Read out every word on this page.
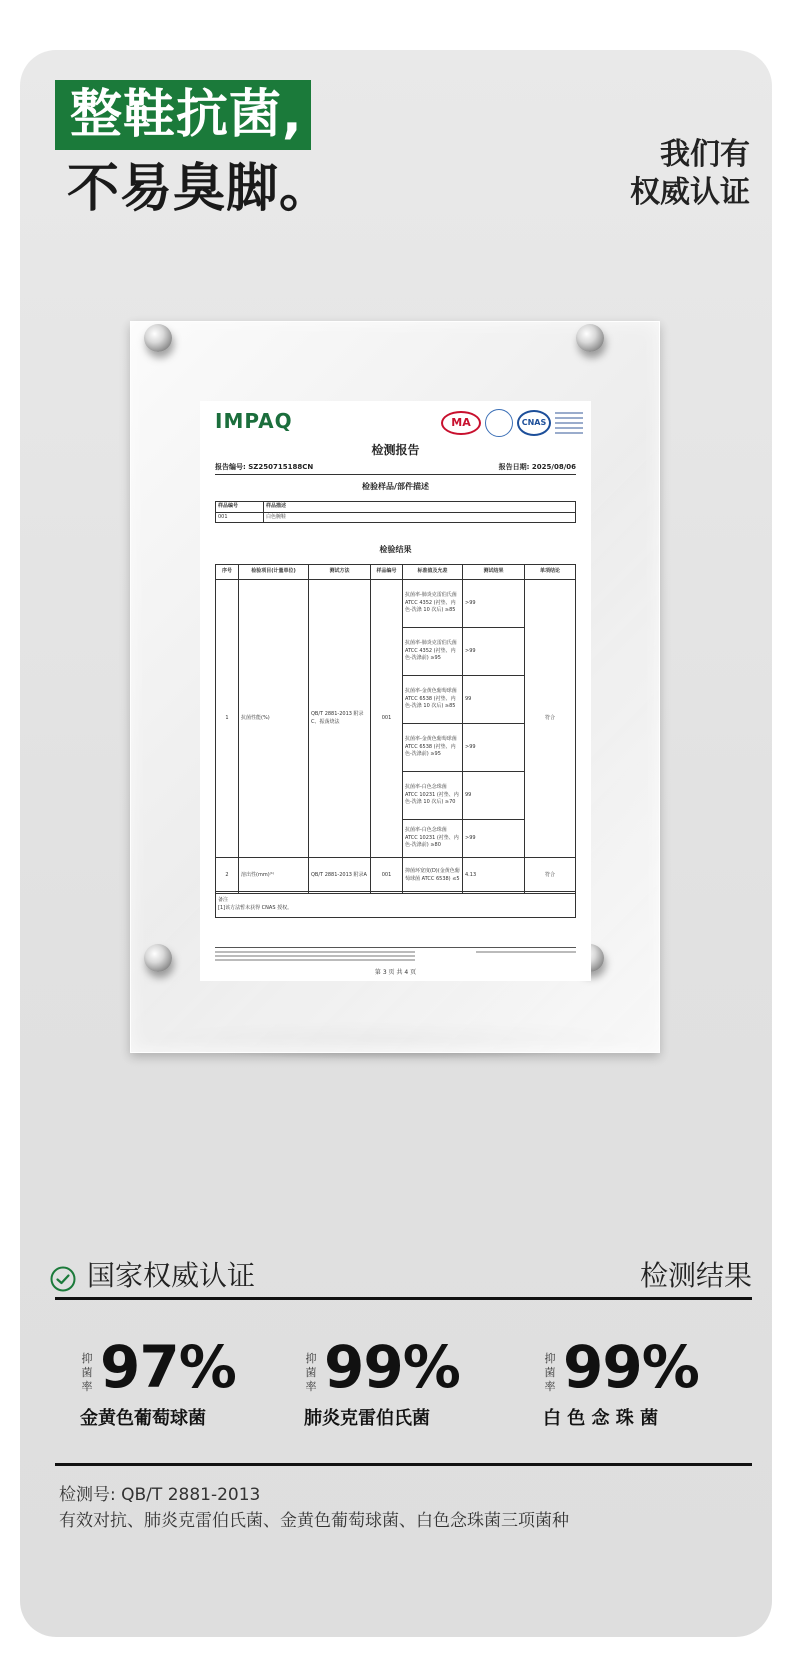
整鞋抗菌,
不易臭脚。
我们有
权威认证
IMPAQ	MA	CNAS
检测报告
报告编号: SZ250715188CN	报告日期: 2025/08/06
检验样品/部件描述
样品编号	样品描述
001	白色腕鞋
检验结果
序号	检验项目(计量单位)	测试方法	样品编号	标准值及允差	测试结果	单项结论
1	抗菌性能(%)	QB/T 2881-2013 附录C、振荡烧法	001	抗菌率-肺炎克雷伯氏菌 ATCC 4352 (衬垫、内色-洗涤 10 次后) ≥85	>99	符合
				抗菌率-肺炎克雷伯氏菌 ATCC 4352 (衬垫、内色-洗涤前) ≥95	>99	
				抗菌率-金黄色葡萄球菌 ATCC 6538 (衬垫、内色-洗涤 10 次后) ≥85	99	
				抗菌率-金黄色葡萄球菌 ATCC 6538 (衬垫、内色-洗涤前) ≥95	>99	
				抗菌率-白色念珠菌 ATCC 10231 (衬垫、内色-洗涤 10 次后) ≥70	99	
				抗菌率-白色念珠菌 ATCC 10231 (衬垫、内色-洗涤前) ≥80	>99	
2	溶出性(mm)⁽¹⁾	QB/T 2881-2013 附录A	001	抑菌环宽度(D)(金黄色葡萄球菌 ATCC 6538) ≤5	4.13	符合
备注
[1]该方法暂未获得 CNAS 授权。
第 3 页 共 4 页
国家权威认证	检测结果
抑菌率 97%
金黄色葡萄球菌
抑菌率 99%
肺炎克雷伯氏菌
抑菌率 99%
白 色 念 珠 菌
检测号: QB/T 2881-2013
有效对抗、肺炎克雷伯氏菌、金黄色葡萄球菌、白色念珠菌三项菌种
